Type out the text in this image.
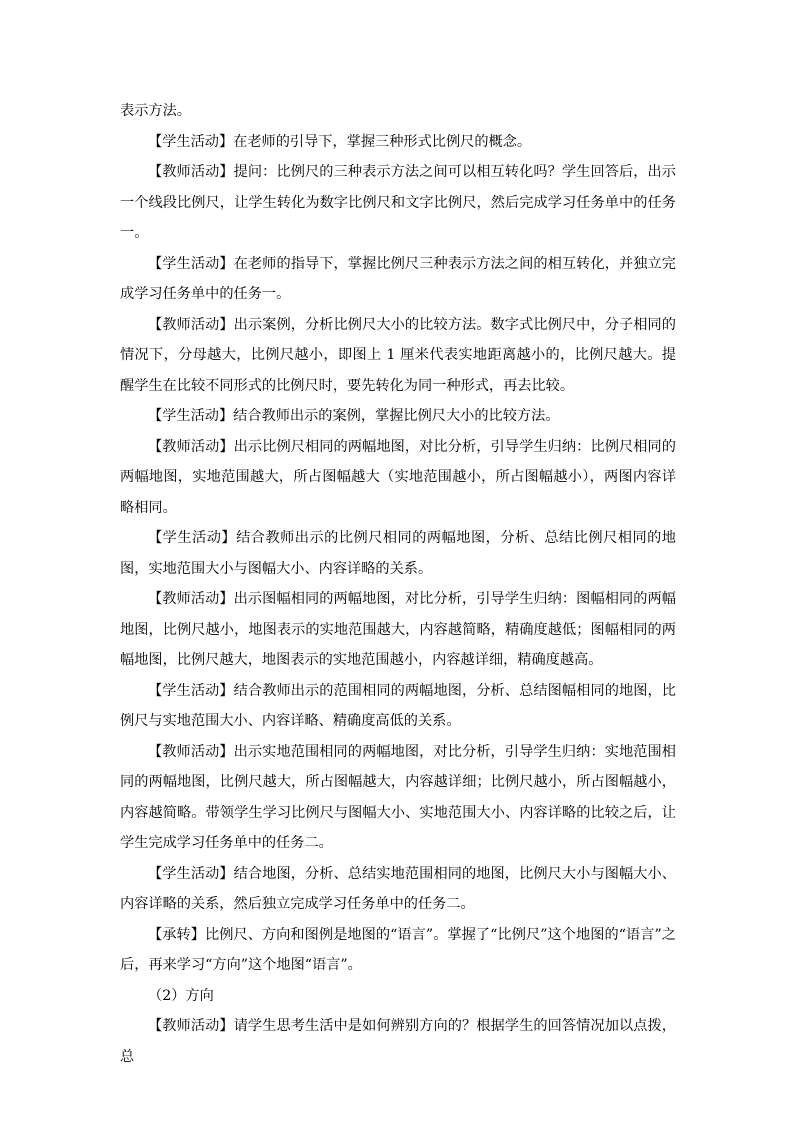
表示方法。

【学生活动】在老师的引导下，掌握三种形式比例尺的概念。

【教师活动】提问：比例尺的三种表示方法之间可以相互转化吗？学生回答后，出示一个线段比例尺，让学生转化为数字比例尺和文字比例尺，然后完成学习任务单中的任务一。

【学生活动】在老师的指导下，掌握比例尺三种表示方法之间的相互转化，并独立完成学习任务单中的任务一。

【教师活动】出示案例，分析比例尺大小的比较方法。数字式比例尺中，分子相同的情况下，分母越大，比例尺越小，即图上 1 厘米代表实地距离越小的，比例尺越大。提醒学生在比较不同形式的比例尺时，要先转化为同一种形式，再去比较。

【学生活动】结合教师出示的案例，掌握比例尺大小的比较方法。

【教师活动】出示比例尺相同的两幅地图，对比分析，引导学生归纳：比例尺相同的两幅地图，实地范围越大，所占图幅越大（实地范围越小，所占图幅越小），两图内容详略相同。

【学生活动】结合教师出示的比例尺相同的两幅地图，分析、总结比例尺相同的地图，实地范围大小与图幅大小、内容详略的关系。

【教师活动】出示图幅相同的两幅地图，对比分析，引导学生归纳：图幅相同的两幅地图，比例尺越小，地图表示的实地范围越大，内容越简略，精确度越低；图幅相同的两幅地图，比例尺越大，地图表示的实地范围越小，内容越详细，精确度越高。

【学生活动】结合教师出示的范围相同的两幅地图，分析、总结图幅相同的地图，比例尺与实地范围大小、内容详略、精确度高低的关系。

【教师活动】出示实地范围相同的两幅地图，对比分析，引导学生归纳：实地范围相同的两幅地图，比例尺越大，所占图幅越大，内容越详细；比例尺越小，所占图幅越小，内容越简略。带领学生学习比例尺与图幅大小、实地范围大小、内容详略的比较之后，让学生完成学习任务单中的任务二。

【学生活动】结合地图，分析、总结实地范围相同的地图，比例尺大小与图幅大小、内容详略的关系，然后独立完成学习任务单中的任务二。

【承转】比例尺、方向和图例是地图的“语言”。掌握了“比例尺”这个地图的“语言”之后，再来学习“方向”这个地图“语言”。

（2）方向

【教师活动】请学生思考生活中是如何辨别方向的？根据学生的回答情况加以点拨，总
